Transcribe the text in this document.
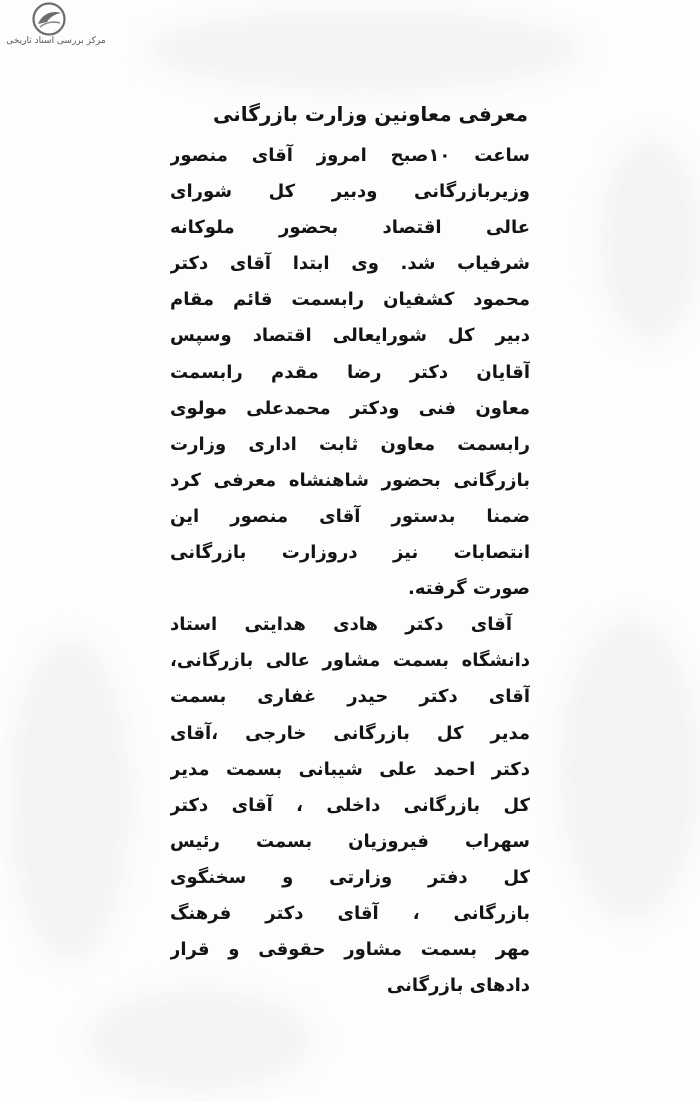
مرکز بررسی اسناد تاریخی
معرفی معاونین وزارت بازرگانی
ساعت ۱۰صبح امروز آقای منصور
وزیربازرگانی ودبیر کل شورای
عالی اقتصاد بحضور ملوکانه
شرفیاب شد. وی ابتدا آقای دکتر
محمود کشفیان رابسمت قائم مقام
دبیر کل شورایعالی اقتصاد وسپس
آقایان دکتر رضا مقدم رابسمت
معاون فنی ودکتر محمدعلی مولوی
رابسمت معاون ثابت اداری وزارت
بازرگانی بحضور شاهنشاه معرفی کرد
ضمنا بدستور آقای منصور این
انتصابات نیز دروزارت بازرگانی
صورت گرفته.
آقای دکتر هادی هدایتی استاد
دانشگاه بسمت مشاور عالی بازرگانی،
آقای دکتر حیدر غفاری بسمت
مدیر کل بازرگانی خارجی ،آقای
دکتر احمد علی شیبانی بسمت مدیر
کل بازرگانی داخلی ، آقای دکتر
سهراب فیروزیان بسمت رئیس
کل دفتر وزارتی و سخنگوی
بازرگانی ، آقای دکتر فرهنگ
مهر بسمت مشاور حقوقی و قرار
دادهای بازرگانی
